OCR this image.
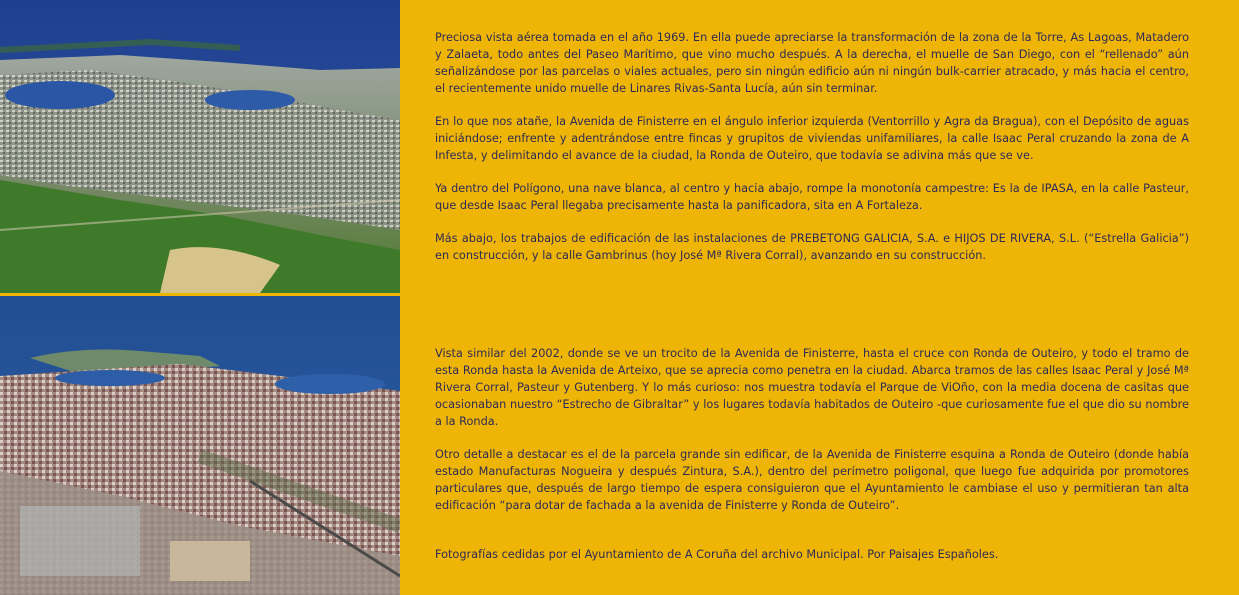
Preciosa vista aérea tomada en el año 1969. En ella puede apreciarse la transformación de la zona de la Torre, As Lagoas, Matadero y Zalaeta, todo antes del Paseo Marítimo, que vino mucho después. A la derecha, el muelle de San Diego, con el “rellenado” aún señalizándose por las parcelas o viales actuales, pero sin ningún edificio aún ni ningún bulk-carrier atracado, y más hacia el centro, el recientemente unido muelle de Linares Rivas-Santa Lucía, aún sin terminar.

En lo que nos atañe, la Avenida de Finisterre en el ángulo inferior izquierda (Ventorrillo y Agra da Bragua), con el Depósito de aguas iniciándose; enfrente y adentrándose entre fincas y grupitos de viviendas unifamiliares, la calle Isaac Peral cruzando la zona de A Infesta, y delimitando el avance de la ciudad, la Ronda de Outeiro, que todavía se adivina más que se ve.

Ya dentro del Polígono, una nave blanca, al centro y hacia abajo, rompe la monotonía campestre: Es la de IPASA, en la calle Pasteur, que desde Isaac Peral llegaba precisamente hasta la panificadora, sita en A Fortaleza.

Más abajo, los trabajos de edificación de las instalaciones de PREBETONG GALICIA, S.A. e HIJOS DE RIVERA, S.L. (“Estrella Galicia”) en construcción, y la calle Gambrinus (hoy José Mª Rivera Corral), avanzando en su construcción.

Vista similar del 2002, donde se ve un trocito de la Avenida de Finisterre, hasta el cruce con Ronda de Outeiro, y todo el tramo de esta Ronda hasta la Avenida de Arteixo, que se aprecia como penetra en la ciudad. Abarca tramos de las calles Isaac Peral y José Mª Rivera Corral, Pasteur y Gutenberg. Y lo más curioso: nos muestra todavía el Parque de ViOño, con la media docena de casitas que ocasionaban nuestro “Estrecho de Gibraltar” y los lugares todavía habitados de Outeiro -que curiosamente fue el que dio su nombre a la Ronda.

Otro detalle a destacar es el de la parcela grande sin edificar, de la Avenida de Finisterre esquina a Ronda de Outeiro (donde había estado Manufacturas Nogueira y después Zintura, S.A.), dentro del perímetro poligonal, que luego fue adquirida por promotores particulares que, después de largo tiempo de espera consiguieron que el Ayuntamiento le cambiase el uso y permitieran tan alta edificación “para dotar de fachada a la avenida de Finisterre y Ronda de Outeiro”.

Fotografías cedidas por el Ayuntamiento de A Coruña del archivo Municipal. Por Paisajes Españoles.
